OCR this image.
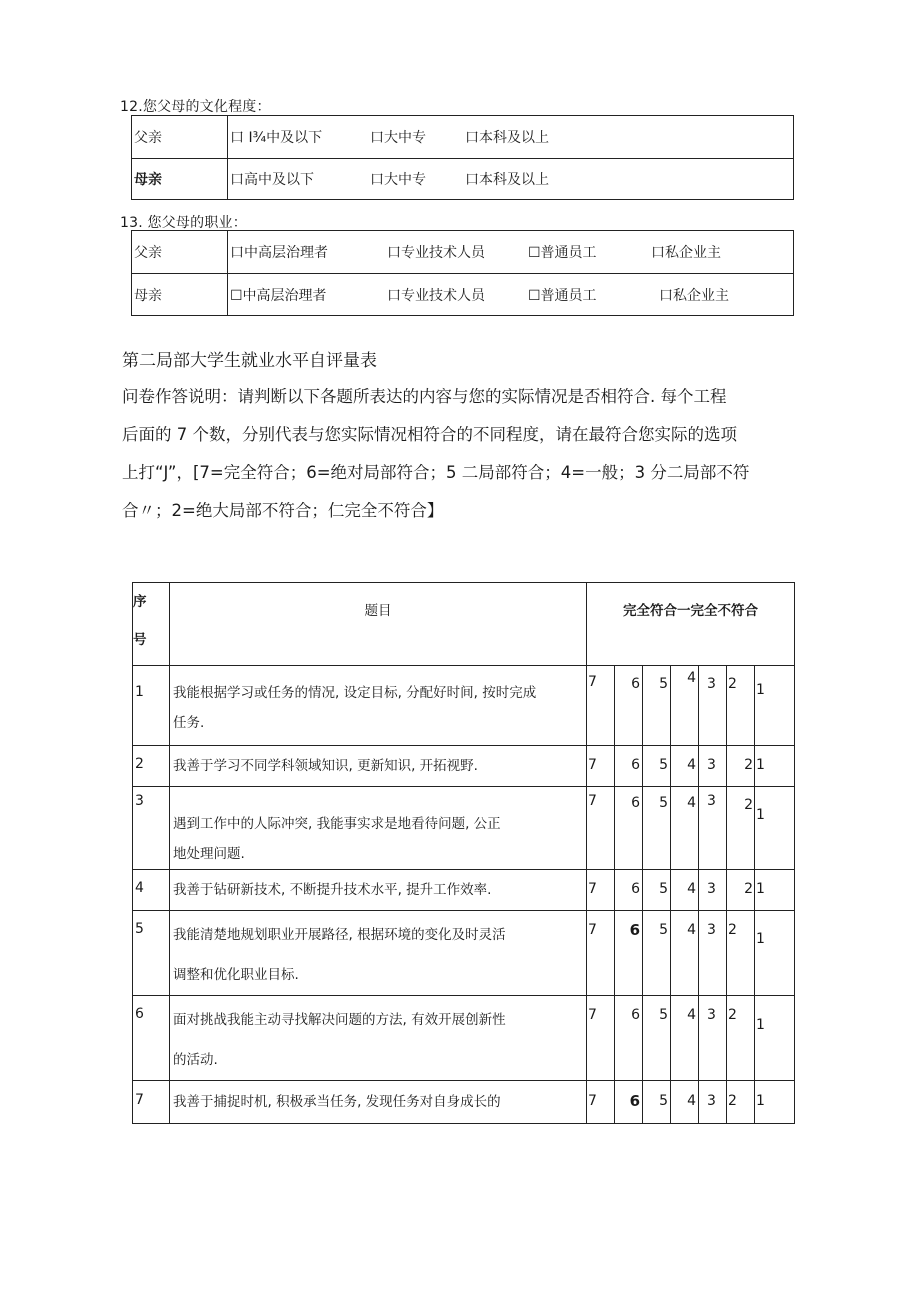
12.您父母的文化程度：
父亲	口 I¾中及以下 口大中专 口本科及以上
母亲	口高中及以下 口大中专 口本科及以上
13. 您父母的职业：
父亲	口中高层治理者 口专业技术人员 ☐普通员工 口私企业主
母亲	☐中高层治理者 口专业技术人员 ☐普通员工 口私企业主
第二局部大学生就业水平自评量表
问卷作答说明：请判断以下各题所表达的内容与您的实际情况是否相符合. 每个工程
后面的 7 个数，分别代表与您实际情况相符合的不同程度，请在最符合您实际的选项
上打“J”，[7=完全符合；6=绝对局部符合；5 二局部符合；4=一般；3 分二局部不符
合〃；2=绝大局部不符合；仁完全不符合】
序
号	题目	完全符合一完全不符合						
1	我能根据学习或任务的情况, 设定目标, 分配好时间, 按时完成
任务.	7	6	5	4	3	2	1

2	我善于学习不同学科领域知识, 更新知识, 开拓视野.	7	6	5	4	3	2	1

3	遇到工作中的人际冲突, 我能事实求是地看待问题, 公正
地处理问题.	7	6	5	4	3	2	1

4	我善于钻研新技术, 不断提升技术水平, 提升工作效率.	7	6	5	4	3	2	1

5	我能清楚地规划职业开展路径, 根据环境的变化及时灵活
调整和优化职业目标.	7	6	5	4	3	2	1

6	面对挑战我能主动寻找解决问题的方法, 有效开展创新性
的活动.	7	6	5	4	3	2	1

7	我善于捕捉时机, 积极承当任务, 发现任务对自身成长的	7	6	5	4	3	2	1
